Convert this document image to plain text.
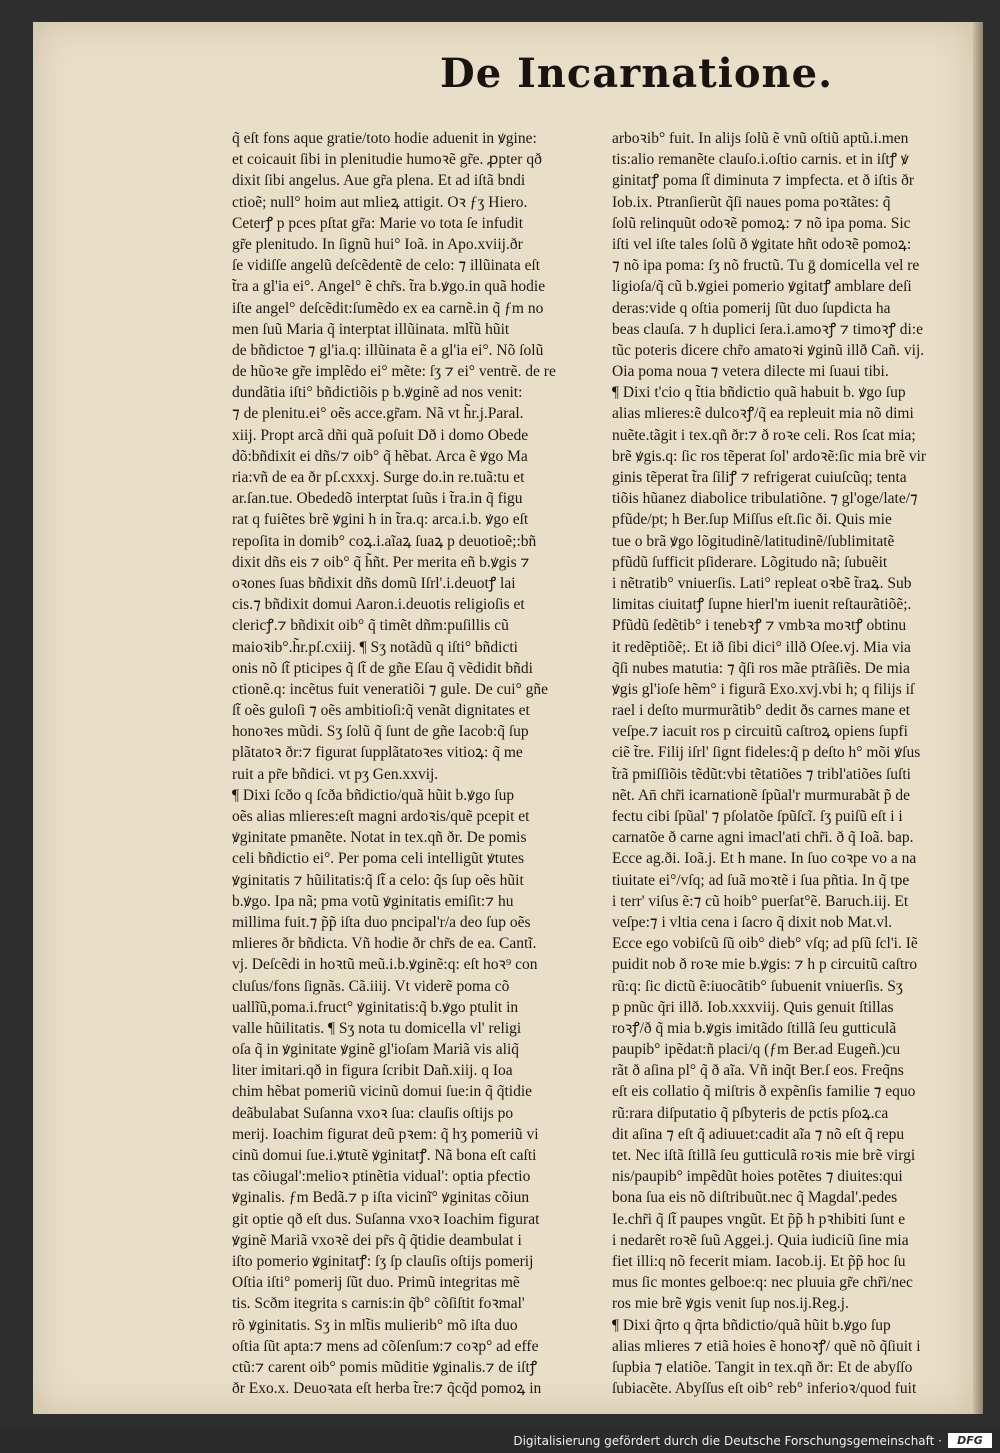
De Incarnatione.
q̃ eſt fons aque gratie/toto hodie aduenit in ꝟgine:
et coicauit ſibi in plenitudie humoꝛẽ gr̃e. ꝓpter qð
dixit ſibi angelus. Aue gr̃a plena. Et ad iſtã bndi
ctioẽ; null° hoim aut mlieꝝ attigit. Oꝛ ƒʒ Hiero.
Ceterꝭ p pces pſtat gr̃a: Marie vo tota ſe infudit
gr̃e plenitudo. In ſignũ hui° Ioã. in Apo.xviij.ðr
ſe vidiſſe angelũ deſcẽdentẽ de celo: ⁊ illũinata eſt
t̃ra a gl'ia ei°. Angel° ẽ chr̃s. t̃ra b.ꝟgo.in quã hodie
iſte angel° deſcẽdit:ſumẽdo ex ea carnẽ.in q̃ ƒm no
men ſuũ Maria q̃ interptat illũinata. mlt̃ũ hũit
de bñdictoe ⁊ gl'ia.q: illũinata ẽ a gl'ia ei°. Nõ ſolũ
de hũoꝛe gr̃e implẽdo ei° mẽte: ſʒ ⁊ ei° ventrẽ. de re
dundãtia iſti° bñdictiõis p b.ꝟginẽ ad nos venit:
⁊ de plenitu.ei° oẽs acce.gr̃am. Nã vt h̃r.j.Paral.
xiij. Propt arcã dñi quã poſuit Dð i domo Obede
dõ:bñdixit ei dñs/⁊ oib° q̃ hẽbat. Arca ẽ ꝟgo Ma
ria:vñ de ea ðr pſ.cxxxj. Surge do.in re.tuã:tu et
ar.ſan.tue. Obededõ interptat ſuũs i t̃ra.in q̃ figu
rat q fuiẽtes brẽ ꝟgini h in t̃ra.q: arca.i.b. ꝟgo eſt
repoſita in domib° coꝝ.i.aĩaꝝ ſuaꝝ p deuotioẽ;:bñ
dixit dñs eis ⁊ oib° q̃ h̃ñt. Per merita eñ b.ꝟgis ⁊
oꝛones ſuas bñdixit dñs domũ Iſrl'.i.deuotꝭ lai
cis.⁊ bñdixit domui Aaron.i.deuotis religioſis et
clericꝭ.⁊ bñdixit oib° q̃ timẽt dñm:puſillis cũ
maioꝛib°.h̃r.pſ.cxiij. ¶ Sʒ notãdũ q iſti° bñdicti
onis nõ ſt̃ pticipes q̃ ſt̃ de gñe Eſau q̃ vẽdidit bñdi
ctionẽ.q: incẽtus fuit veneratiõi ⁊ gule. De cui° gñe
ſt̃ oẽs guloſi ⁊ oẽs ambitioſi:q̃ venãt dignitates et
honoꝛes mũdi. Sʒ ſolũ q̃ ſunt de gñe Iacob:q̃ ſup
plãtatoꝛ ðr:⁊ figurat ſupplãtatoꝛes vitioꝝ: q̃ me
ruit a pr̃e bñdici. vt pʒ Gen.xxvij.
¶ Dixi ſcðo q ſcða bñdictio/quã hũit b.ꝟgo ſup
oẽs alias mlieres:eſt magni ardoꝛis/quẽ pcepit et
ꝟginitate pmanẽte. Notat in tex.qñ ðr. De pomis
celi bñdictio ei°. Per poma celi intelligũt ꝟtutes
ꝟginitatis ⁊ hũilitatis:q̃ ſt̃ a celo: q̃s ſup oẽs hũit
b.ꝟgo. Ipa nã; pma votũ ꝟginitatis emiſit:⁊ hu
millima fuit.⁊ p̃p̃ iſta duo pncipal'r/a deo ſup oẽs
mlieres ðr bñdicta. Vñ hodie ðr chr̃s de ea. Cantĩ.
vj. Deſcẽdi in hoꝛtũ meũ.i.b.ꝟginẽ:q: eſt hoꝛ⁹ con
cluſus/fons ſignãs. Cã.iiij. Vt viderẽ poma cõ
uallĩũ,poma.i.fruct° ꝟginitatis:q̃ b.ꝟgo ptulit in
valle hũilitatis. ¶ Sʒ nota tu domicella vl' religi
oſa q̃ in ꝟginitate ꝟginẽ gl'ioſam Mariã vis aliq̃
liter imitari.qð in figura ſcribit Dañ.xiij. q Ioa
chim hẽbat pomeriũ vicinũ domui ſue:in q̃ q̃tidie
deãbulabat Suſanna vxoꝛ ſua: clauſis oſtijs po
merij. Ioachim figurat deũ pꝛem: q̃ hʒ pomeriũ vi
cinũ domui ſue.i.ꝟtutẽ ꝟginitatꝭ. Nã bona eſt caſti
tas cõiugal':melioꝛ ptinẽtia vidual': optia pfectio
ꝟginalis. ƒm Bedã.⁊ p iſta vicinĩ° ꝟginitas cõiun
git optie qð eſt dus. Suſanna vxoꝛ Ioachim figurat
ꝟginẽ Mariã vxoꝛẽ dei pr̃s q̃ q̃tidie deambulat i
iſto pomerio ꝟginitatꝭ: ſʒ ſp clauſis oſtijs pomerij
Oſtia iſti° pomerij ſũt duo. Primũ integritas mẽ
tis. Scðm itegrita s carnis:in q̃b° cõſiſtit foꝛmal'
rõ ꝟginitatis. Sʒ in mlt̃is mulierib° mõ iſta duo
oſtia ſũt apta:⁊ mens ad cõſenſum:⁊ coꝛp° ad effe
ctũ:⁊ carent oib° pomis mũditie ꝟginalis.⁊ de iſtꝭ
ðr Exo.x. Deuoꝛata eſt herba t̃re:⁊ q̃cq̃d pomoꝝ in
arboꝛib° fuit. In alijs ſolũ ẽ vnũ oſtiũ aptũ.i.men
tis:alio remanẽte clauſo.i.oſtio carnis. et in iſtꝭ ꝟ
ginitatꝭ poma ſt̃ diminuta ⁊ impfecta. et ð iſtis ðr
Iob.ix. Ptranſierũt q̃ſi naues poma poꝛtãtes: q̃
ſolũ relinquũt odoꝛẽ pomoꝝ: ⁊ nõ ipa poma. Sic
iſti vel iſte tales ſolũ ð ꝟgitate hñt odoꝛẽ pomoꝝ:
⁊ nõ ipa poma: ſʒ nõ fructũ. Tu ḡ domicella vel re
ligioſa/q̃ cũ b.ꝟgiei pomerio ꝟgitatꝭ amblare deſi
deras:vide q oſtia pomerij ſũt duo ſupdicta ha
beas clauſa. ⁊ h duplici ſera.i.amoꝛꝭ ⁊ timoꝛꝭ di:e
tũc poteris dicere chr̃o amatoꝛi ꝟginũ illð Cañ. vij.
Oia poma noua ⁊ vetera dilecte mi ſuaui tibi.
¶ Dixi t'cio q t̃tia bñdictio quã habuit b. ꝟgo ſup
alias mlieres:ẽ dulcoꝛꝭ/q̃ ea repleuit mia nõ dimi
nuẽte.tãgit i tex.qñ ðr:⁊ ð roꝛe celi. Ros ſcat mia;
brẽ ꝟgis.q: ſic ros tẽperat ſol' ardoꝛẽ:ſic mia brẽ vir
ginis tẽperat t̃ra ſiliꝭ ⁊ refrigerat cuiuſcũq; tenta
tiõis hũanez diabolice tribulatiõne. ⁊ gl'oge/late/⁊
pfũde/pt; h Ber.ſup Miſſus eſt.ſic ði. Quis mie
tue o brã ꝟgo lõgitudinẽ/latitudinẽ/ſublimitatẽ
pfũdũ ſufficit pſiderare. Lõgitudo nã; ſubuẽit
i nẽtratib° vniuerſis. Lati° repleat oꝛbẽ t̃raꝝ. Sub
limitas ciuitatꝭ ſupne hierl'm iuenit reſtaurãtiõẽ;.
Pfũdũ ſedẽtib° i tenebꝛꝭ ⁊ vmbꝛa moꝛtꝭ obtinu
it redẽptiõẽ;. Et ið ſibi dici° illð Oſee.vj. Mia via
q̃ſi nubes matutia: ⁊ q̃ſi ros mãe ptrãſiẽs. De mia
ꝟgis gl'ioſe hẽm° i figurã Exo.xvj.vbi h; q filijs iſ
rael i deſto murmurãtib° dedit ðs carnes mane et
veſpe.⁊ iacuit ros p circuitũ caſtroꝝ opiens ſupfi
ciẽ t̃re. Filij iſrl' ſignt fideles:q̃ p deſto h° mõi ꝟſus
t̃rã pmiſſiõis tẽdũt:vbi tẽtatiões ⁊ tribl'atiões ſuſti
nẽt. An̄ chr̃i icarnationẽ ſpũal'r murmurabãt p̃ de
fectu cibi ſpũal' ⁊ pſolatõe ſpũſcĩ. ſʒ puiſũ eſt i i
carnatõe ð carne agni imacl'ati chr̃i. ð q̃ Ioã. bap.
Ecce ag.ði. Ioã.j. Et h mane. In ſuo coꝛpe vo a na
tiuitate ei°/vſq; ad ſuã moꝛtẽ i ſua pñtia. In q̃ tpe
i terr' viſus ẽ:⁊ cũ hoib° puerſat°ẽ. Baruch.iij. Et
veſpe:⁊ i vltia cena i ſacro q̃ dixit nob Mat.vl.
Ecce ego vobiſcũ ſũ oib° dieb° vſq; ad pſũ ſcl'i. Iẽ
puidit nob ð roꝛe mie b.ꝟgis: ⁊ h p circuitũ caſtro
rũ:q: ſic dictũ ẽ:iuocãtib° ſubuenit vniuerſis. Sʒ
p pnũc q̃ri illð. Iob.xxxviij. Quis genuit ſtillas
roꝛꝭ/ð q̃ mia b.ꝟgis imitãdo ſtillã ſeu gutticulã
paupib° ipẽdat:ñ placi/q (ƒm Ber.ad Eugeñ.)cu
rãt ð aſina pl° q̃ ð aĩa. Vñ inq̃t Ber.ſ eos. Freq̃ns
eſt eis collatio q̃ miſtris ð expẽnſis familie ⁊ equo
rũ:rara diſputatio q̃ pſbyteris de pctis pſoꝝ.ca
dit aſina ⁊ eſt q̃ adiuuet:cadit aĩa ⁊ nõ eſt q̃ repu
tet. Nec iſtã ſtillã ſeu gutticulã roꝛis mie brẽ virgi
nis/paupib° impẽdũt hoies potẽtes ⁊ diuites:qui
bona ſua eis nõ diſtribuũt.nec q̃ Magdal'.pedes
Ie.chr̃i q̃ ſt̃ paupes vngũt. Et p̃p̃ h pꝛhibiti ſunt e
i nedarẽt roꝛẽ ſuũ Aggei.j. Quia iudiciũ ſine mia
fiet illi:q nõ fecerit miam. Iacob.ij. Et p̃p̃ hoc ſu
mus ſic montes gelboe:q: nec pluuia gr̃e chr̃i/nec
ros mie brẽ ꝟgis venit ſup nos.ij.Reg.j.
¶ Dixi q̃rto q q̃rta bñdictio/quã hũit b.ꝟgo ſup
alias mlieres ⁊ etiã hoies ẽ honoꝛꝭ/ quẽ nõ q̃ſiuit i
ſupbia ⁊ elatiõe. Tangit in tex.qñ ðr: Et de abyſſo
ſubiacẽte. Abyſſus eſt oib° reb° inferioꝛ/quod fuit
Digitalisierung gefördert durch die Deutsche Forschungsgemeinschaft ·	DFG
